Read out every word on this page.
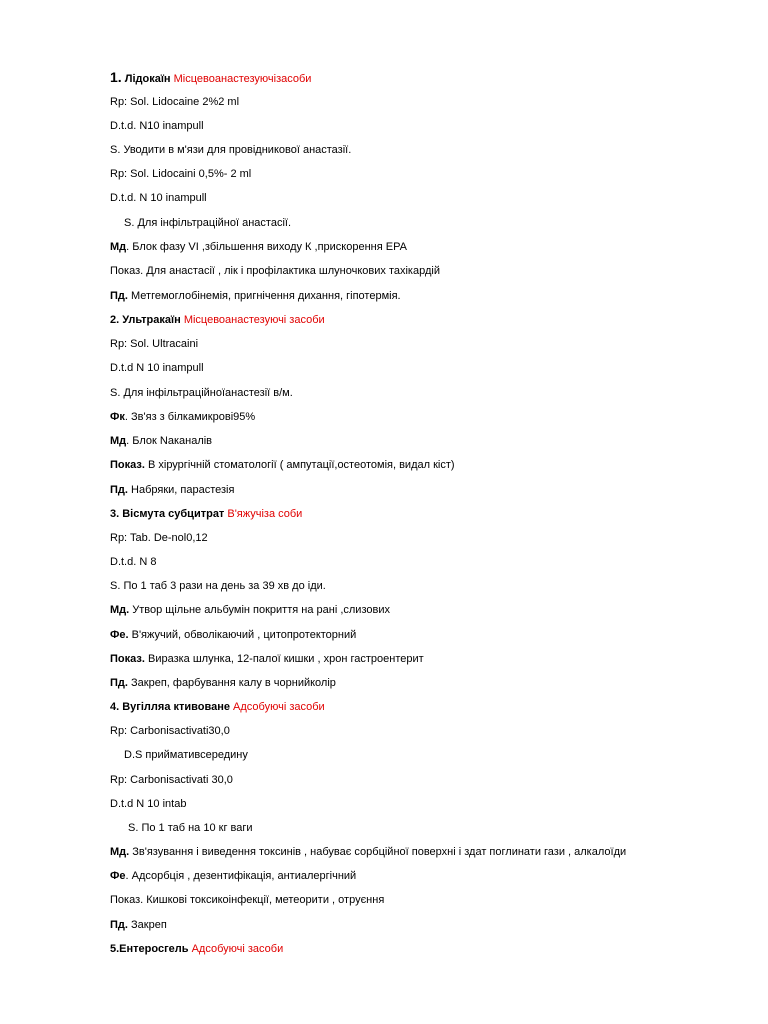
1. Лідокаїн Місцевоанастезуючізасоби
Rp: Sol. Lidocaine 2%2 ml
D.t.d. N10 inampull
S. Уводити в м'язи для провідникової анастазії.
Rp: Sol. Lidocaini 0,5%- 2 ml
D.t.d. N 10 inampull
S. Для інфільтраційної анастасії.
Мд. Блок фазу VI ,збільшення виходу К ,прискорення ЕРА
Показ. Для анастасії , лік і профілактика шлуночкових тахікардій
Пд. Метгемоглобінемія, пригнічення дихання, гіпотермія.
2. Ультракаїн Місцевоанастезуючі засоби
Rp: Sol. Ultracaini
D.t.d N 10 inampull
S. Для інфільтраційноїанастезії в/м.
Фк. Зв'яз з білкамикрові95%
Мд. Блок Naканалів
Показ. В хірургічній стоматології ( ампутації,остеотомія, видал кіст)
Пд. Набряки, парастезія
3. Вісмута субцитрат В'яжучіза соби
Rp: Tab. De-nol0,12
D.t.d. N 8
S. По 1 таб 3 рази на день за 39 хв до іди.
Мд. Утвор щільне альбумін покриття на рані ,слизових
Фе. В'яжучий, обволікаючий , цитопротекторний
Показ. Виразка шлунка, 12-палої кишки , хрон гастроентерит
Пд. Закреп, фарбування калу в чорнийколір
4. Вугілляа ктивоване Адсобуючі засоби
Rp: Carbonisactivati30,0
D.S приймативсередину
Rp: Carbonisactivati 30,0
D.t.d N 10 intab
S. По 1 таб на 10 кг ваги
Мд. Зв'язування і виведення токсинів , набуває сорбційної поверхні і здат поглинати гази , алкалоїди
Фе. Адсорбція , дезентифікація, антиалергічний
Показ. Кишкові токсикоінфекції, метеорити , отруєння
Пд. Закреп
5.Ентеросгель Адсобуючі засоби
